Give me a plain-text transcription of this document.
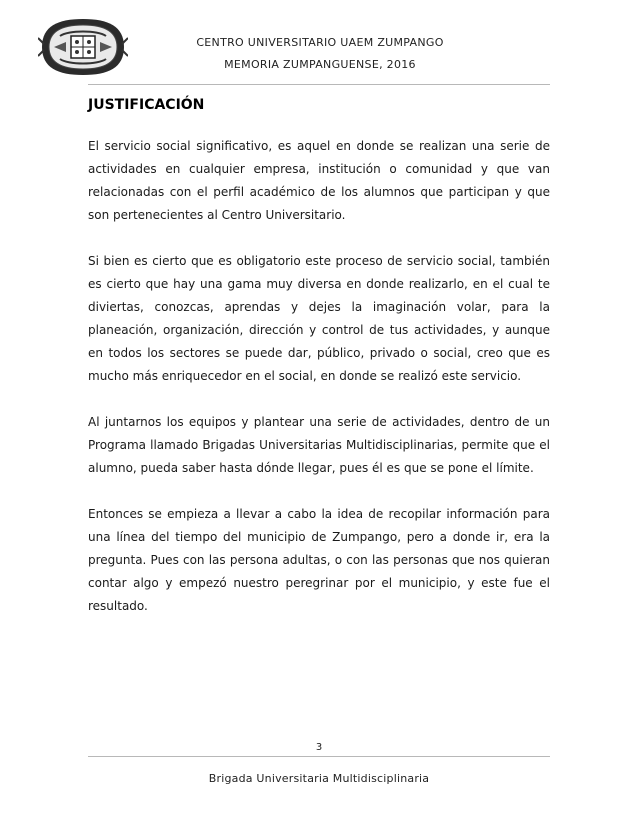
CENTRO UNIVERSITARIO UAEM ZUMPANGO
MEMORIA ZUMPANGUENSE, 2016
JUSTIFICACIÓN

El servicio social significativo, es aquel en donde se realizan una serie de actividades en cualquier empresa, institución o comunidad y que van relacionadas con el perfil académico de los alumnos que participan y que son pertenecientes al Centro Universitario.

Si bien es cierto que es obligatorio este proceso de servicio social, también es cierto que hay una gama muy diversa en donde realizarlo, en el cual te diviertas, conozcas, aprendas y dejes la imaginación volar, para la planeación, organización, dirección y control de tus actividades, y aunque en todos los sectores se puede dar, público, privado o social, creo que es mucho más enriquecedor en el social, en donde se realizó este servicio.

Al juntarnos los equipos y plantear una serie de actividades, dentro de un Programa llamado Brigadas Universitarias Multidisciplinarias, permite que el alumno, pueda saber hasta dónde llegar, pues él es que se pone el límite.

Entonces se empieza a llevar a cabo la idea de recopilar información para una línea del tiempo del municipio de Zumpango, pero a donde ir, era la pregunta. Pues con las persona adultas, o con las personas que nos quieran contar algo y empezó nuestro peregrinar por el municipio, y este fue el resultado.

3
Brigada Universitaria Multidisciplinaria
